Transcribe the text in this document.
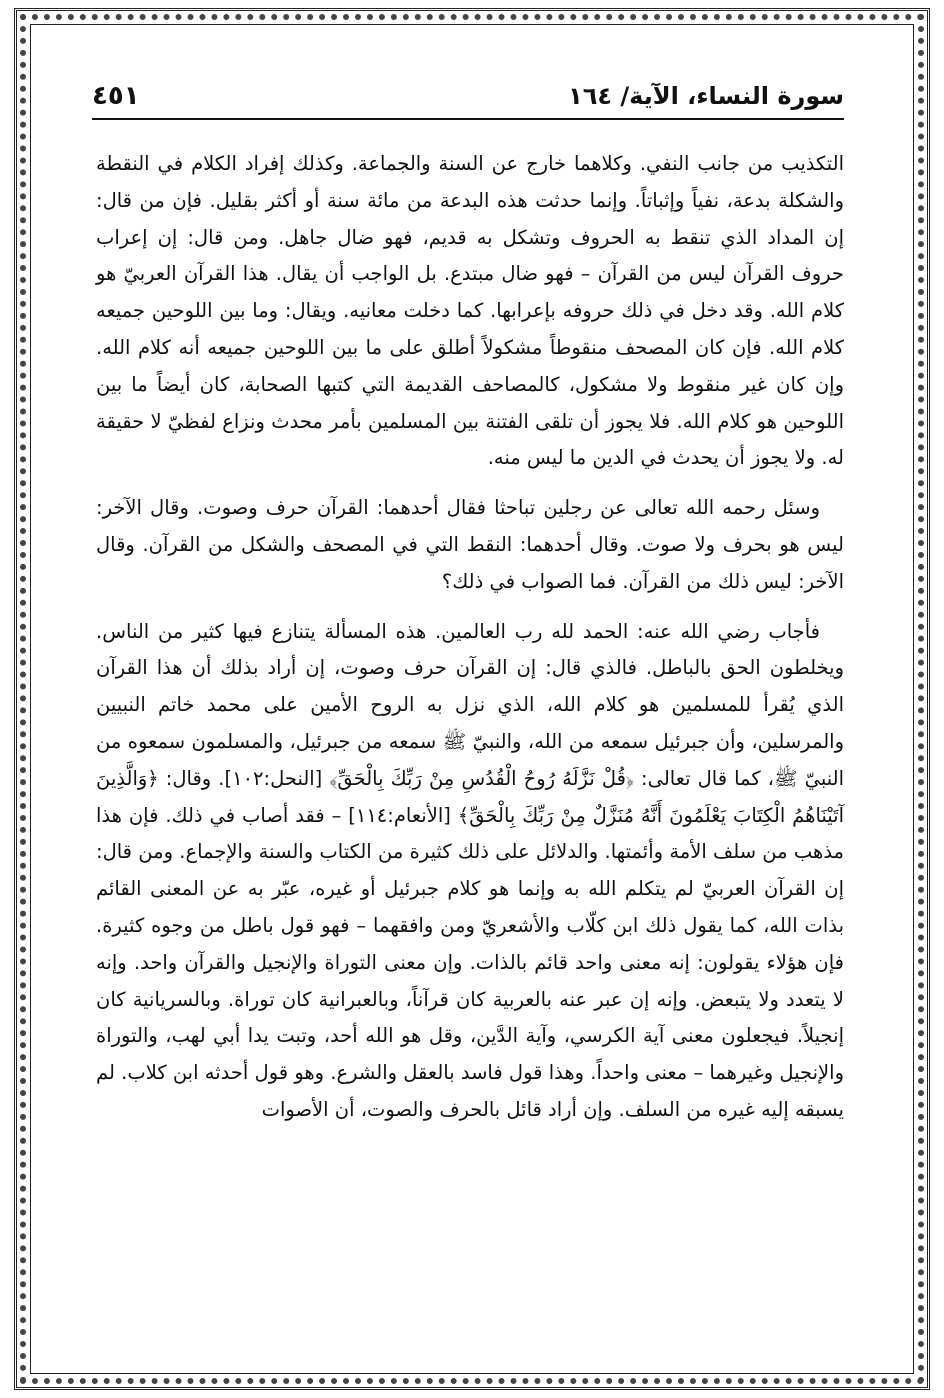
سورة النساء، الآية/ ١٦٤
٤٥١

التكذيب من جانب النفي. وكلاهما خارج عن السنة والجماعة. وكذلك إفراد الكلام في النقطة والشكلة بدعة، نفياً وإثباتاً. وإنما حدثت هذه البدعة من مائة سنة أو أكثر بقليل. فإن من قال: إن المداد الذي تنقط به الحروف وتشكل به قديم، فهو ضال جاهل. ومن قال: إن إعراب حروف القرآن ليس من القرآن – فهو ضال مبتدع. بل الواجب أن يقال. هذا القرآن العربيّ هو كلام الله. وقد دخل في ذلك حروفه بإعرابها. كما دخلت معانيه. ويقال: وما بين اللوحين جميعه كلام الله. فإن كان المصحف منقوطاً مشكولاً أطلق على ما بين اللوحين جميعه أنه كلام الله. وإن كان غير منقوط ولا مشكول، كالمصاحف القديمة التي كتبها الصحابة، كان أيضاً ما بين اللوحين هو كلام الله. فلا يجوز أن تلقى الفتنة بين المسلمين بأمر محدث ونزاع لفظيّ لا حقيقة له. ولا يجوز أن يحدث في الدين ما ليس منه.

وسئل رحمه الله تعالى عن رجلين تباحثا فقال أحدهما: القرآن حرف وصوت. وقال الآخر: ليس هو بحرف ولا صوت. وقال أحدهما: النقط التي في المصحف والشكل من القرآن. وقال الآخر: ليس ذلك من القرآن. فما الصواب في ذلك؟

فأجاب رضي الله عنه: الحمد لله رب العالمين. هذه المسألة يتنازع فيها كثير من الناس. ويخلطون الحق بالباطل. فالذي قال: إن القرآن حرف وصوت، إن أراد بذلك أن هذا القرآن الذي يُقرأ للمسلمين هو كلام الله، الذي نزل به الروح الأمين على محمد خاتم النبيين والمرسلين، وأن جبرئيل سمعه من الله، والنبيّ ﷺ سمعه من جبرئيل، والمسلمون سمعوه من النبيّ ﷺ، كما قال تعالى: ﴿قُلْ نَزَّلَهُ رُوحُ الْقُدُسِ مِنْ رَبِّكَ بِالْحَقِّ﴾ [النحل:١٠٢]. وقال: ﴿وَالَّذِينَ آتَيْنَاهُمُ الْكِتَابَ يَعْلَمُونَ أَنَّهُ مُنَزَّلٌ مِنْ رَبِّكَ بِالْحَقِّ﴾ [الأنعام:١١٤] – فقد أصاب في ذلك. فإن هذا مذهب من سلف الأمة وأئمتها. والدلائل على ذلك كثيرة من الكتاب والسنة والإجماع. ومن قال: إن القرآن العربيّ لم يتكلم الله به وإنما هو كلام جبرئيل أو غيره، عبّر به عن المعنى القائم بذات الله، كما يقول ذلك ابن كلّاب والأشعريّ ومن وافقهما – فهو قول باطل من وجوه كثيرة. فإن هؤلاء يقولون: إنه معنى واحد قائم بالذات. وإن معنى التوراة والإنجيل والقرآن واحد. وإنه لا يتعدد ولا يتبعض. وإنه إن عبر عنه بالعربية كان قرآناً، وبالعبرانية كان توراة. وبالسريانية كان إنجيلاً. فيجعلون معنى آية الكرسي، وآية الدَّين، وقل هو الله أحد، وتبت يدا أبي لهب، والتوراة والإنجيل وغيرهما – معنى واحداً. وهذا قول فاسد بالعقل والشرع. وهو قول أحدثه ابن كلاب. لم يسبقه إليه غيره من السلف. وإن أراد قائل بالحرف والصوت، أن الأصوات
